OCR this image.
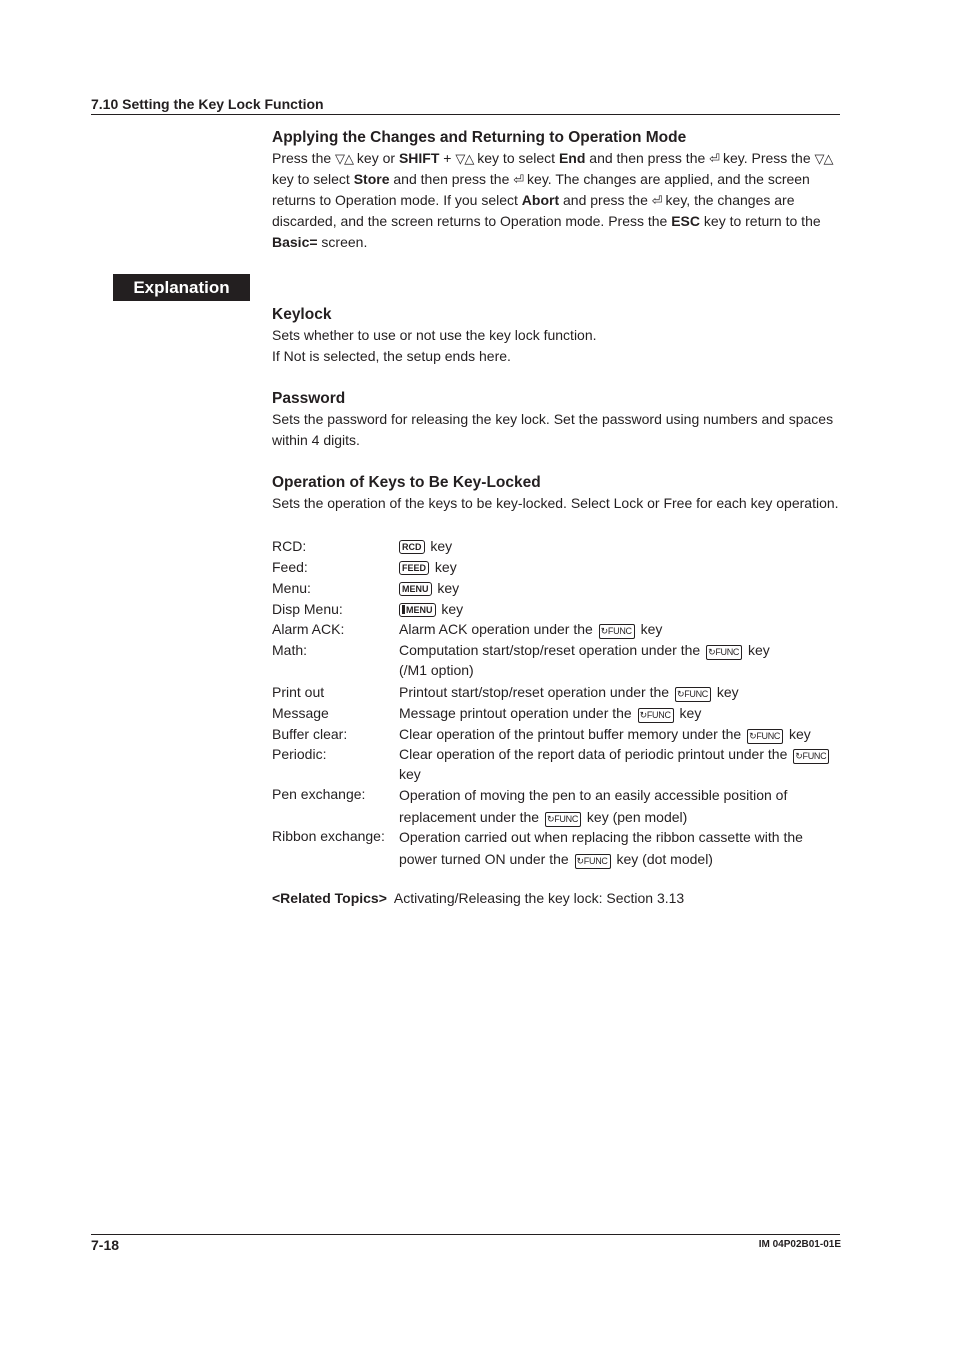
7.10 Setting the Key Lock Function
Applying the Changes and Returning to Operation Mode

Press the ▽△ key or SHIFT + ▽△ key to select End and then press the ⏎ key. Press the ▽△ key to select Store and then press the ⏎ key. The changes are applied, and the screen returns to Operation mode. If you select Abort and press the ⏎ key, the changes are discarded, and the screen returns to Operation mode. Press the ESC key to return to the Basic= screen.

Explanation
Keylock

Sets whether to use or not use the key lock function.

If Not is selected, the setup ends here.

Password

Sets the password for releasing the key lock. Set the password using numbers and spaces within 4 digits.

Operation of Keys to Be Key-Locked

Sets the operation of the keys to be key-locked. Select Lock or Free for each key operation.

RCD:	RCD key
Feed:	FEED key
Menu:	MENU key
Disp Menu:	MENU key
Alarm ACK:	Alarm ACK operation under the ↻FUNC key
Math:	Computation start/stop/reset operation under the ↻FUNC key
(/M1 option)
Print out	Printout start/stop/reset operation under the ↻FUNC key
Message	Message printout operation under the ↻FUNC key
Buffer clear:	Clear operation of the printout buffer memory under the ↻FUNC key
Periodic:	Clear operation of the report data of periodic printout under the ↻FUNC
key
Pen exchange: Operation of moving the pen to an easily accessible position of
replacement under the ↻FUNC key (pen model)
Ribbon exchange: Operation carried out when replacing the ribbon cassette with the
power turned ON under the ↻FUNC key (dot model)
<Related Topics>  Activating/Releasing the key lock: Section 3.13
7-18	IM 04P02B01-01E
